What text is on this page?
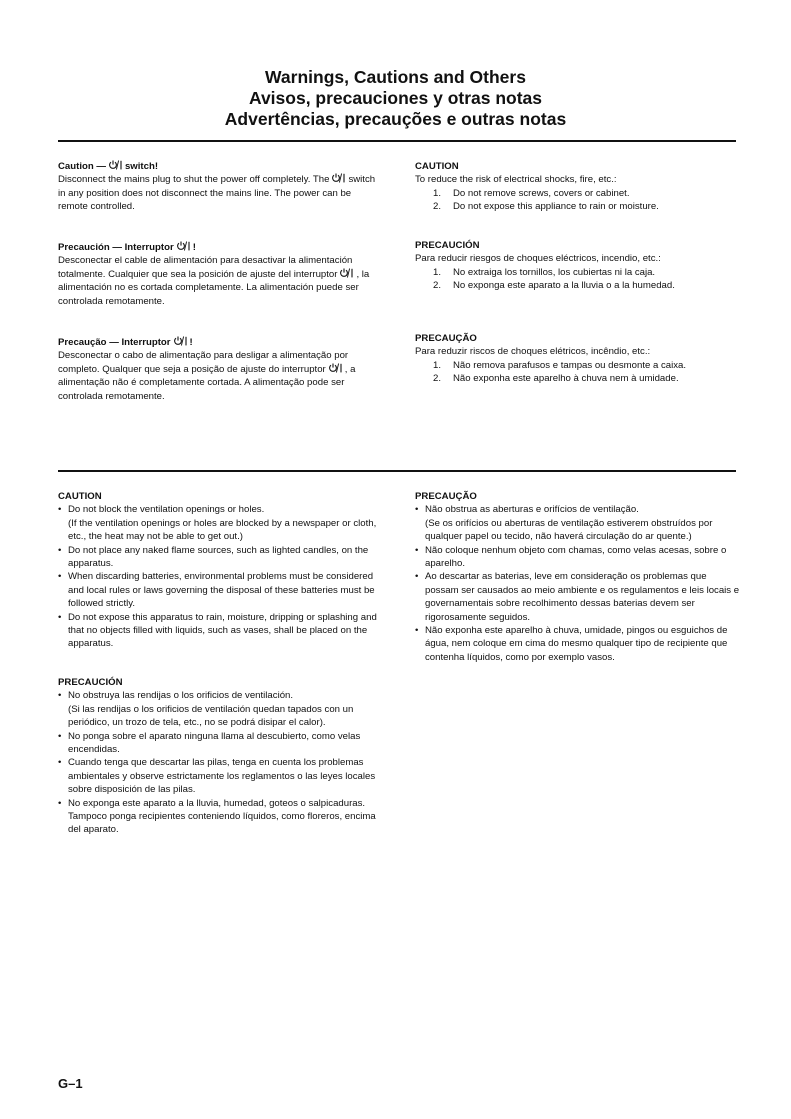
Warnings, Cautions and Others
Avisos, precauciones y otras notas
Advertências, precauções e outras notas

Caution — switch!

Disconnect the mains plug to shut the power off completely. The switch in any position does not disconnect the mains line. The power can be remote controlled.

Precaución — Interruptor !

Desconectar el cable de alimentación para desactivar la alimentación totalmente. Cualquier que sea la posición de ajuste del interruptor , la alimentación no es cortada completamente. La alimentación puede ser controlada remotamente.

Precaução — Interruptor !

Desconectar o cabo de alimentação para desligar a alimentação por completo. Qualquer que seja a posição de ajuste do interruptor , a alimentação não é completamente cortada. A alimentação pode ser controlada remotamente.

CAUTION

To reduce the risk of electrical shocks, fire, etc.:

1. Do not remove screws, covers or cabinet.
2. Do not expose this appliance to rain or moisture.

PRECAUCIÓN

Para reducir riesgos de choques eléctricos, incendio, etc.:

1. No extraiga los tornillos, los cubiertas ni la caja.
2. No exponga este aparato a la lluvia o a la humedad.

PRECAUÇÃO

Para reduzir riscos de choques elétricos, incêndio, etc.:

1. Não remova parafusos e tampas ou desmonte a caixa.
2. Não exponha este aparelho à chuva nem à umidade.

CAUTION

• Do not block the ventilation openings or holes.
(If the ventilation openings or holes are blocked by a newspaper or cloth, etc., the heat may not be able to get out.)
• Do not place any naked flame sources, such as lighted candles, on the apparatus.
• When discarding batteries, environmental problems must be considered and local rules or laws governing the disposal of these batteries must be followed strictly.
• Do not expose this apparatus to rain, moisture, dripping or splashing and that no objects filled with liquids, such as vases, shall be placed on the apparatus.

PRECAUCIÓN

• No obstruya las rendijas o los orificios de ventilación.
(Si las rendijas o los orificios de ventilación quedan tapados con un periódico, un trozo de tela, etc., no se podrá disipar el calor).
• No ponga sobre el aparato ninguna llama al descubierto, como velas encendidas.
• Cuando tenga que descartar las pilas, tenga en cuenta los problemas ambientales y observe estrictamente los reglamentos o las leyes locales sobre disposición de las pilas.
• No exponga este aparato a la lluvia, humedad, goteos o salpicaduras. Tampoco ponga recipientes conteniendo líquidos, como floreros, encima del aparato.

PRECAUÇÃO

• Não obstrua as aberturas e orifícios de ventilação.
(Se os orifícios ou aberturas de ventilação estiverem obstruídos por qualquer papel ou tecido, não haverá circulação do ar quente.)
• Não coloque nenhum objeto com chamas, como velas acesas, sobre o aparelho.
• Ao descartar as baterias, leve em consideração os problemas que possam ser causados ao meio ambiente e os regulamentos e leis locais e governamentais sobre recolhimento dessas baterias devem ser rigorosamente seguidos.
• Não exponha este aparelho à chuva, umidade, pingos ou esguichos de água, nem coloque em cima do mesmo qualquer tipo de recipiente que contenha líquidos, como por exemplo vasos.
G–1
